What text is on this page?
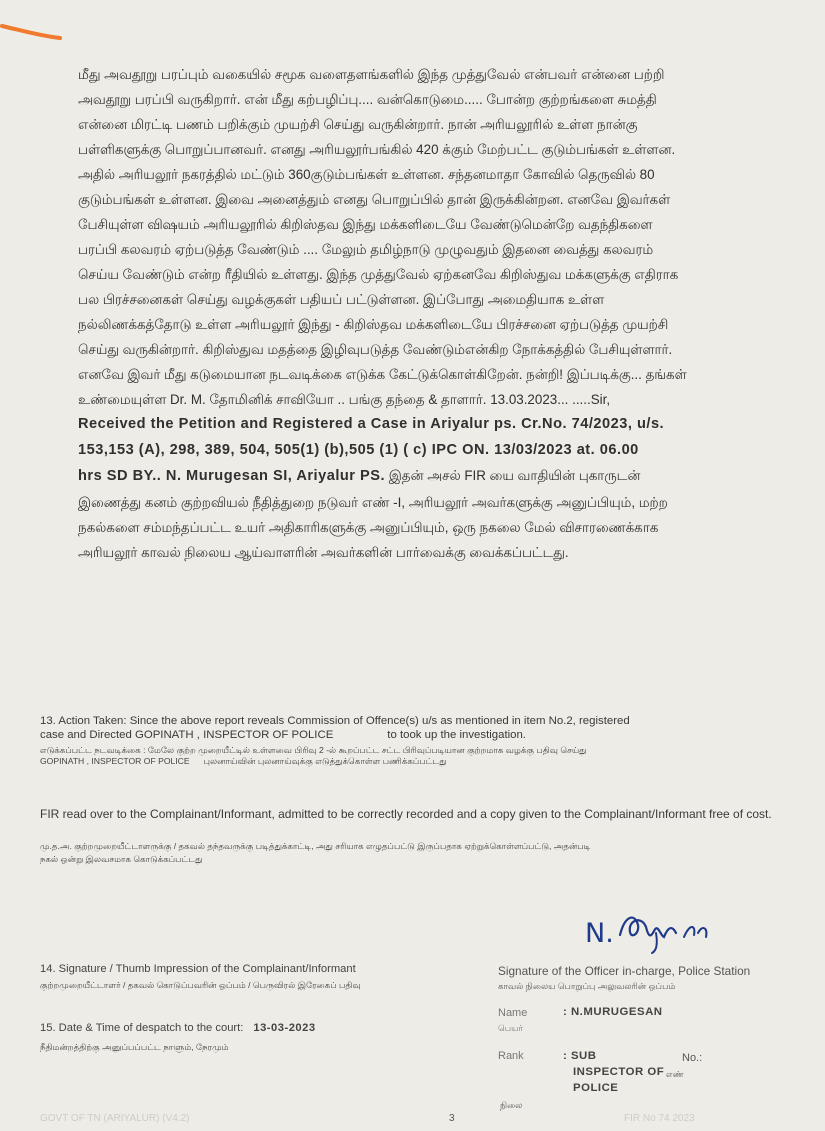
மீது அவதூறு பரப்பும் வகையில் சமூக வளைதளங்களில் இந்த முத்துவேல் என்பவர் என்னை பற்றி

அவதூறு பரப்பி வருகிறார். என் மீது கற்பழிப்பு.... வன்கொடுமை..... போன்ற குற்றங்களை சுமத்தி

என்னை மிரட்டி பணம் பறிக்கும் முயற்சி செய்து வருகின்றார். நான் அரியலூரில் உள்ள நான்கு

பள்ளிகளுக்கு பொறுப்பானவர். எனது அரியலூர்பங்கில் 420 க்கும் மேற்பட்ட குடும்பங்கள் உள்ளன.

அதில் அரியலூர் நகரத்தில் மட்டும் 360குடும்பங்கள் உள்ளன. சந்தனமாதா கோவில் தெருவில் 80

குடும்பங்கள் உள்ளன. இவை அனைத்தும் எனது பொறுப்பில் தான் இருக்கின்றன. எனவே இவர்கள்

பேசியுள்ள விஷயம் அரியலூரில் கிறிஸ்தவ இந்து மக்களிடையே வேண்டுமென்றே வதந்திகளை

பரப்பி கலவரம் ஏற்படுத்த வேண்டும் .... மேலும் தமிழ்நாடு முழுவதும் இதனை வைத்து கலவரம்

செய்ய வேண்டும் என்ற ரீதியில் உள்ளது. இந்த முத்துவேல் ஏற்கனவே கிறிஸ்துவ மக்களுக்கு எதிராக

பல பிரச்சனைகள் செய்து வழக்குகள் பதியப் பட்டுள்ளன. இப்போது அமைதியாக உள்ள

நல்லிணக்கத்தோடு உள்ள அரியலூர் இந்து - கிறிஸ்தவ மக்களிடையே பிரச்சனை ஏற்படுத்த முயற்சி

செய்து வருகின்றார். கிறிஸ்துவ மதத்தை இழிவுபடுத்த வேண்டும்என்கிற நோக்கத்தில் பேசியுள்ளார்.

எனவே இவர் மீது கடுமையான நடவடிக்கை எடுக்க கேட்டுக்கொள்கிறேன். நன்றி! இப்படிக்கு... தங்கள்

உண்மையுள்ள Dr. M. தோமினிக் சாவியோ .. பங்கு தந்தை & தாளார். 13.03.2023... .....Sir,

Received the Petition and Registered a Case in Ariyalur ps. Cr.No. 74/2023, u/s.

153,153 (A), 298, 389, 504, 505(1) (b),505 (1) ( c) IPC ON. 13/03/2023 at. 06.00

hrs SD BY.. N. Murugesan SI, Ariyalur PS. இதன் அசல் FIR யை வாதியின் புகாருடன்

இணைத்து கனம் குற்றவியல் நீதித்துறை நடுவர் எண் -I, அரியலூர் அவர்களுக்கு அனுப்பியும், மற்ற

நகல்களை சம்மந்தப்பட்ட உயர் அதிகாரிகளுக்கு அனுப்பியும், ஒரு நகலை மேல் விசாரணைக்காக

அரியலூர் காவல் நிலைய ஆய்வாளரின் அவர்களின் பார்வைக்கு வைக்கப்பட்டது.

13. Action Taken: Since the above report reveals Commission of Offence(s) u/s as mentioned in item No.2, registered
case and Directed GOPINATH , INSPECTOR OF POLICE	to took up the investigation.
எடுக்கப்பட்ட நடவடிக்கை : மேலே குற்ற முறையீட்டில் உள்ளவை பிரிவு 2 -ல் கூறப்பட்ட சட்ட பிரிவுப்படியான குற்றமாக வழக்கு பதிவு செய்து
GOPINATH , INSPECTOR OF POLICE புலனாய்வின் புலனாய்வுக்கு எடுத்துக்கொள்ள பணிக்கப்பட்டது
FIR read over to the Complainant/Informant, admitted to be correctly recorded and a copy given to the Complainant/Informant free of cost.
மு.த.அ. குற்றமுறையீட்டாளருக்கு / தகவல் தந்தவருக்கு படித்துக்காட்டி, அது சரியாக எழுதப்பட்டு இருப்பதாக ஏற்றுக்கொள்ளப்பட்டு, அதன்படி
நகல் ஒன்று இலவசமாக கொடுக்கப்பட்டது
N.
14. Signature / Thumb Impression of the Complainant/Informant
குற்றமுறையீட்டாளர் / தகவல் கொடுப்பவரின் ஒப்பம் / பெருவிரல் இரேகைப் பதிவு
15. Date & Time of despatch to the court: 13-03-2023
நீதிமன்றத்திற்கு அனுப்பப்பட்ட நாளும், நேரமும்
Signature of the Officer in-charge, Police Station
காவல் நிலைய பொறுப்பு அலுவலரின் ஒப்பம்
Name	: N.MURUGESAN
பெயர்
Rank	: SUB
INSPECTOR OF
POLICE
No.:
எண்
நிலை
GOVT OF TN (ARIYALUR) (V4.2)	3	FIR No 74 2023
